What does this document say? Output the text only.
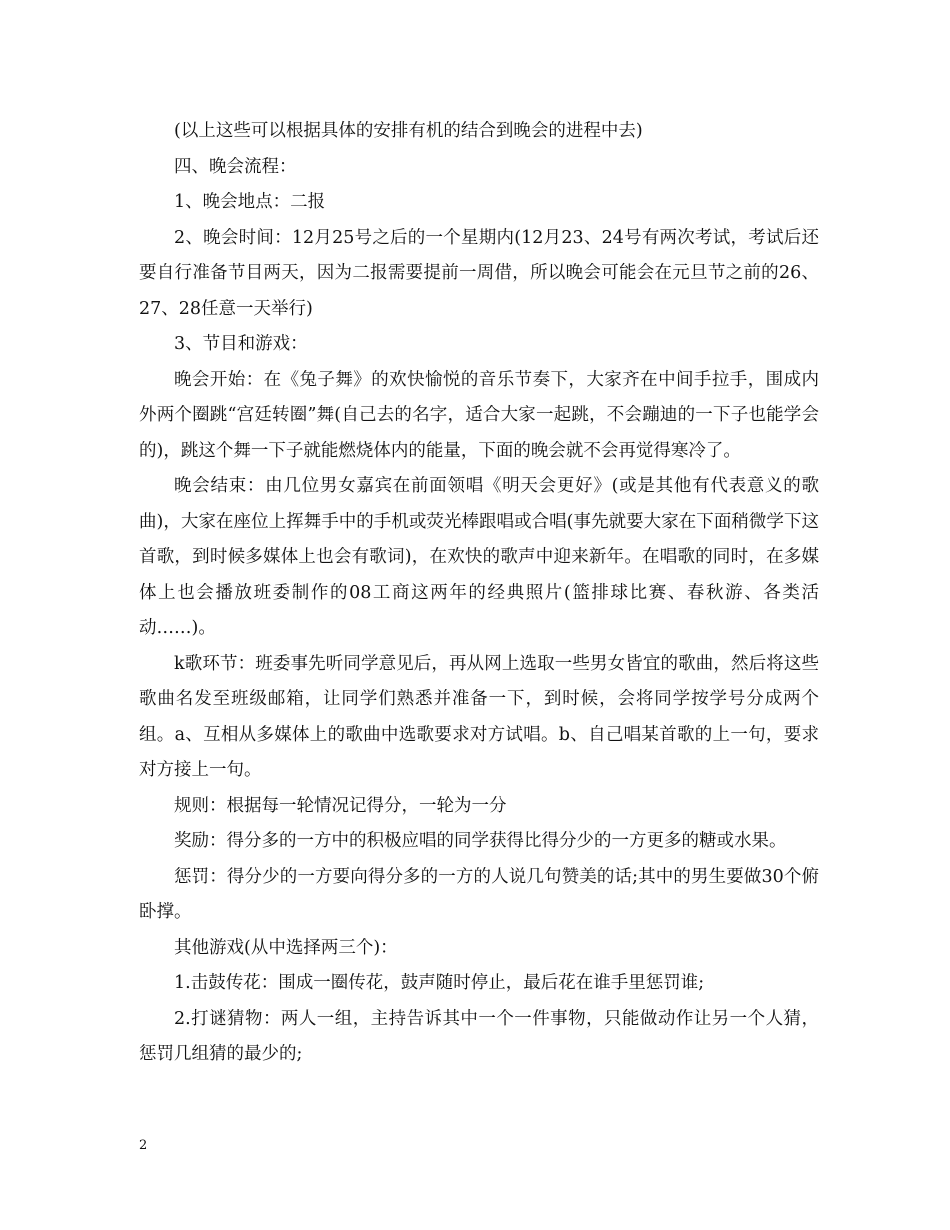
(以上这些可以根据具体的安排有机的结合到晚会的进程中去)

四、晚会流程：

1、晚会地点：二报

2、晚会时间：12月25号之后的一个星期内(12月23、24号有两次考试，考试后还要自行准备节目两天，因为二报需要提前一周借，所以晚会可能会在元旦节之前的26、27、28任意一天举行)

3、节目和游戏：

晚会开始：在《兔子舞》的欢快愉悦的音乐节奏下，大家齐在中间手拉手，围成内外两个圈跳“宫廷转圈”舞(自己去的名字，适合大家一起跳，不会蹦迪的一下子也能学会的)，跳这个舞一下子就能燃烧体内的能量，下面的晚会就不会再觉得寒冷了。

晚会结束：由几位男女嘉宾在前面领唱《明天会更好》(或是其他有代表意义的歌曲)，大家在座位上挥舞手中的手机或荧光棒跟唱或合唱(事先就要大家在下面稍微学下这首歌，到时候多媒体上也会有歌词)，在欢快的歌声中迎来新年。在唱歌的同时，在多媒体上也会播放班委制作的08工商这两年的经典照片(篮排球比赛、春秋游、各类活动……)。

k歌环节：班委事先听同学意见后，再从网上选取一些男女皆宜的歌曲，然后将这些歌曲名发至班级邮箱，让同学们熟悉并准备一下，到时候，会将同学按学号分成两个组。a、互相从多媒体上的歌曲中选歌要求对方试唱。b、自己唱某首歌的上一句，要求对方接上一句。

规则：根据每一轮情况记得分，一轮为一分

奖励：得分多的一方中的积极应唱的同学获得比得分少的一方更多的糖或水果。

惩罚：得分少的一方要向得分多的一方的人说几句赞美的话;其中的男生要做30个俯卧撑。

其他游戏(从中选择两三个)：

1.击鼓传花：围成一圈传花，鼓声随时停止，最后花在谁手里惩罚谁;

2.打谜猜物：两人一组，主持告诉其中一个一件事物，只能做动作让另一个人猜，惩罚几组猜的最少的;

2
